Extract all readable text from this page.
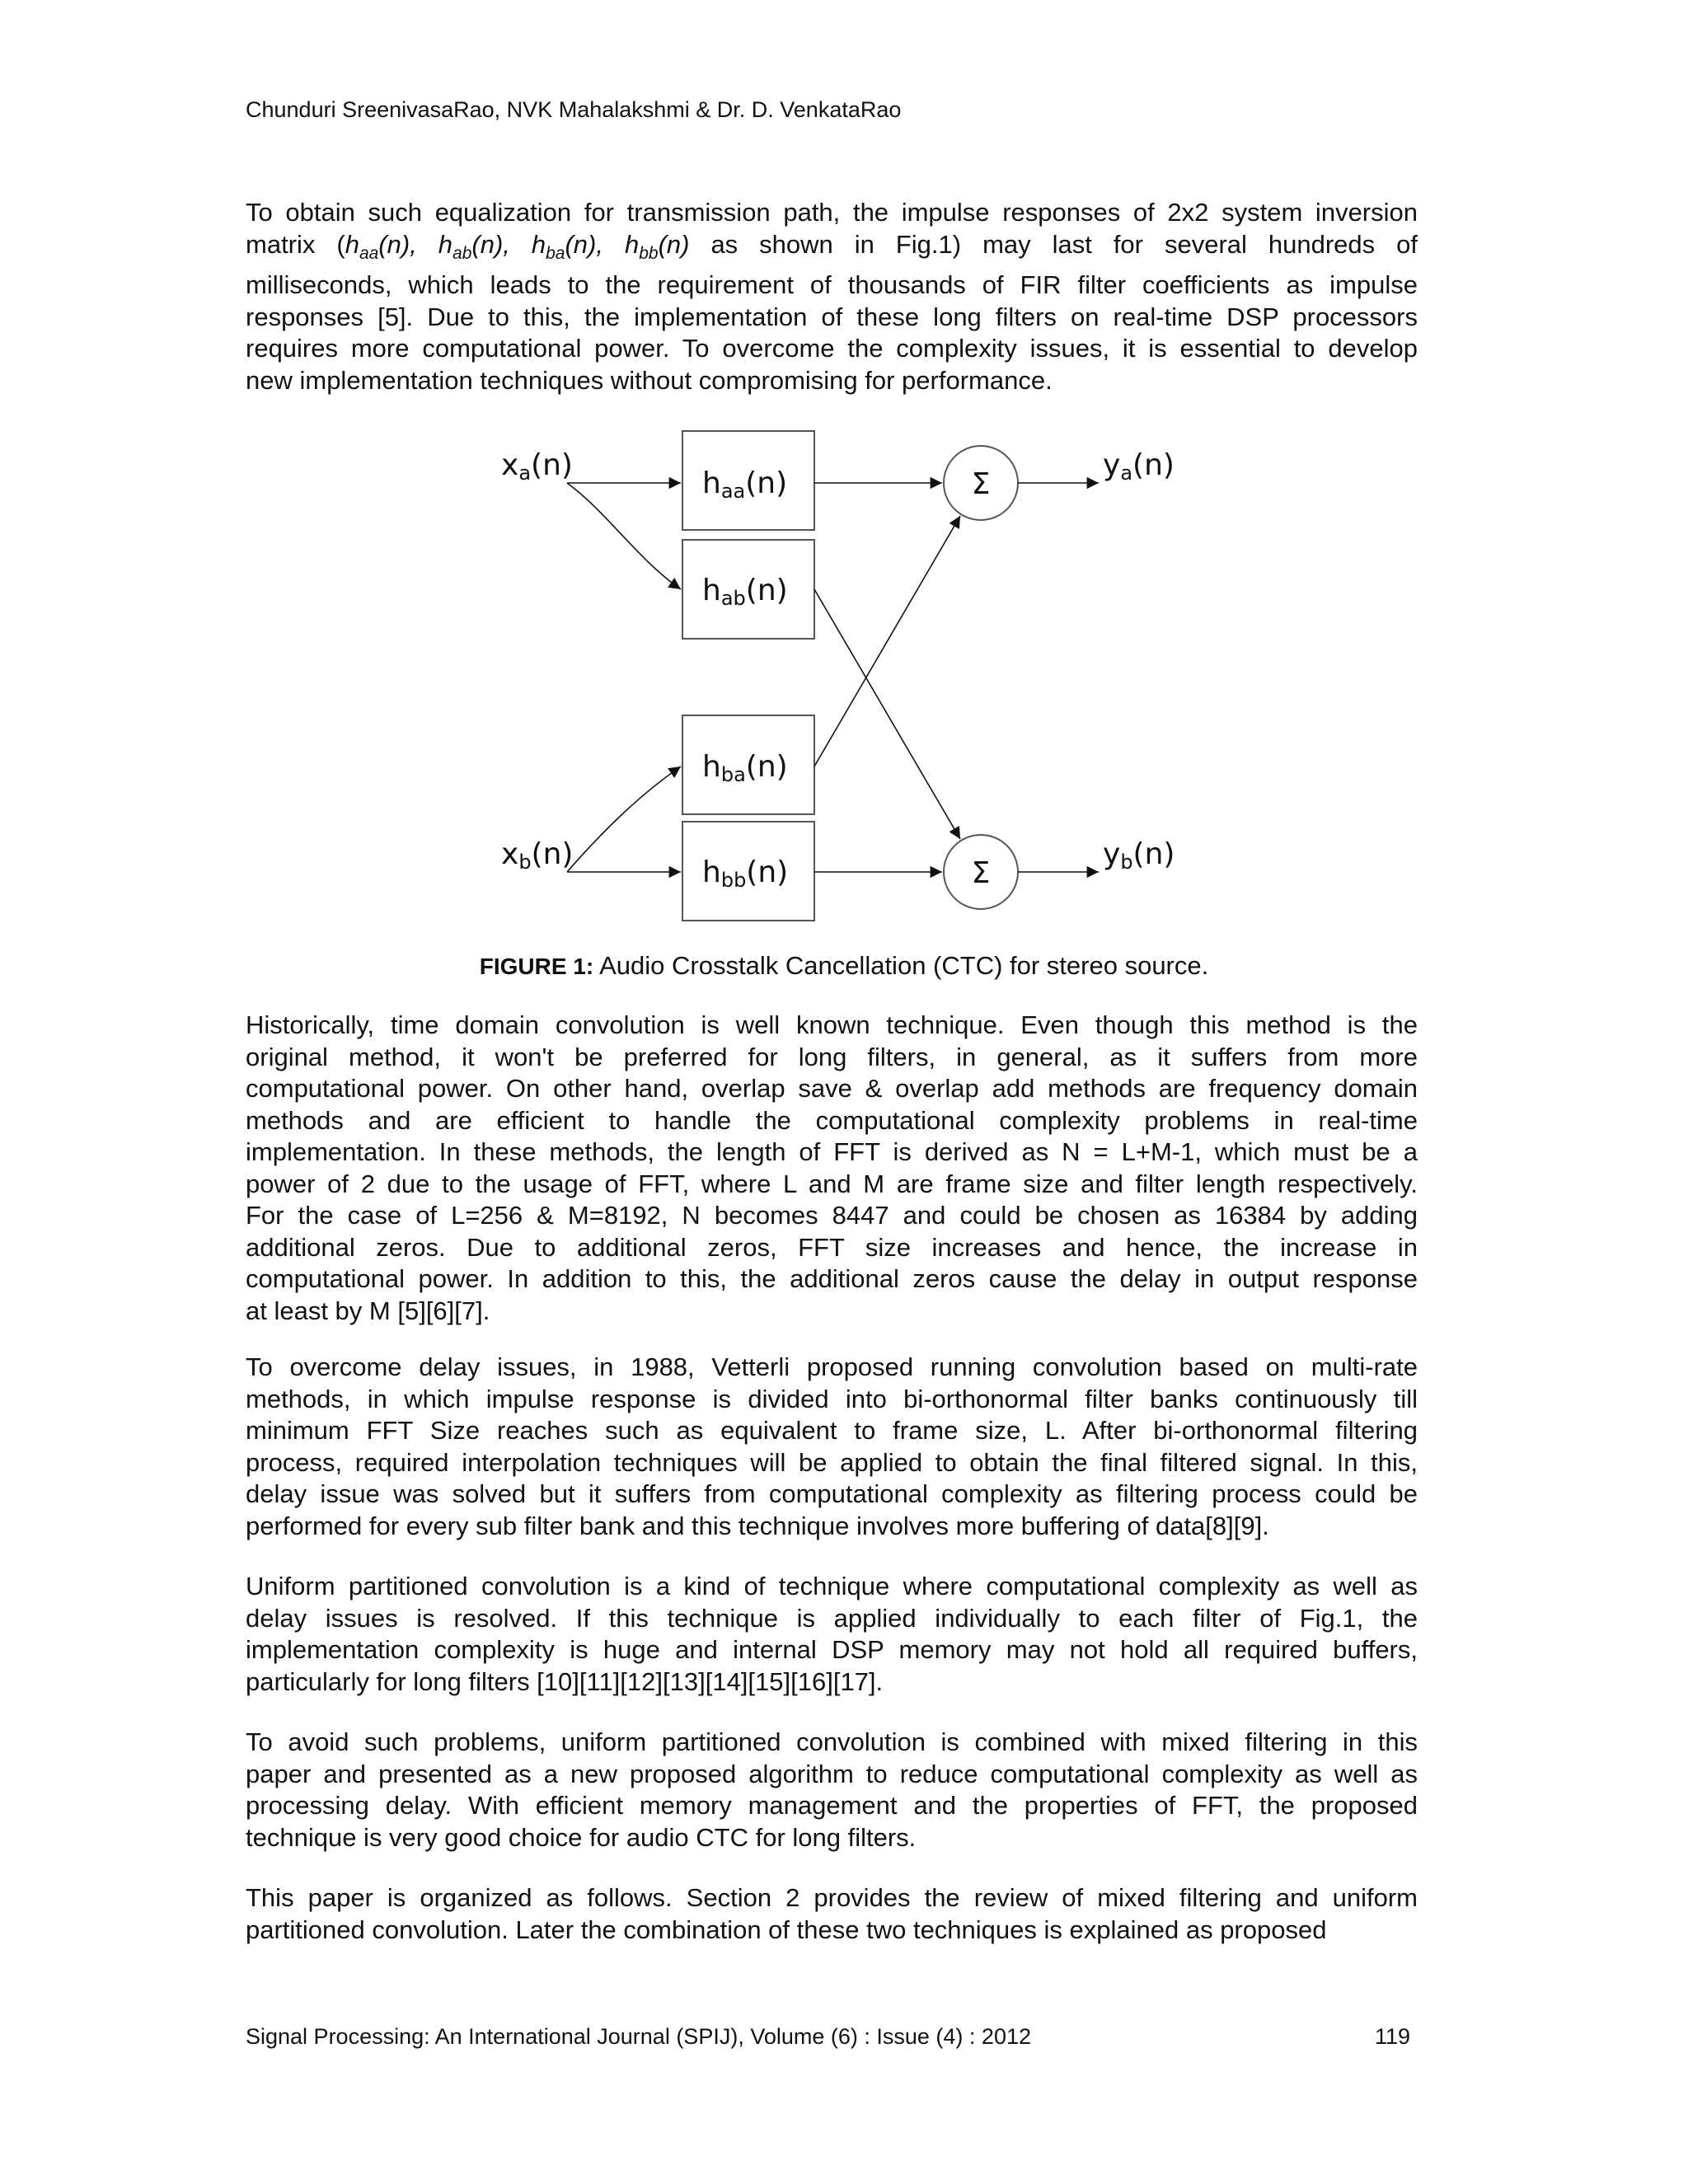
Chunduri SreenivasaRao, NVK Mahalakshmi & Dr. D. VenkataRao
To obtain such equalization for transmission path, the impulse responses of 2x2 system inversion
matrix ($h_{aa}(n)$, $h_{ab}(n)$, $h_{ba}(n)$, $h_{bb}(n)$ as shown in Fig.1) may last for several hundreds of
milliseconds, which leads to the requirement of thousands of FIR filter coefficients as impulse
responses [5]. Due to this, the implementation of these long filters on real-time DSP processors
requires more computational power. To overcome the complexity issues, it is essential to develop
new implementation techniques without compromising for performance.
xa(n)
xb(n)
ya(n)
yb(n)
haa(n)
hab(n)
hba(n)
hbb(n)
Σ
Σ
FIGURE 1: Audio Crosstalk Cancellation (CTC) for stereo source.
Historically, time domain convolution is well known technique. Even though this method is the
original method, it won't be preferred for long filters, in general, as it suffers from more
computational power. On other hand, overlap save & overlap add methods are frequency domain
methods and are efficient to handle the computational complexity problems in real-time
implementation. In these methods, the length of FFT is derived as N = L+M-1, which must be a
power of 2 due to the usage of FFT, where L and M are frame size and filter length respectively.
For the case of L=256 & M=8192, N becomes 8447 and could be chosen as 16384 by adding
additional zeros. Due to additional zeros, FFT size increases and hence, the increase in
computational power. In addition to this, the additional zeros cause the delay in output response
at least by M [5][6][7].
To overcome delay issues, in 1988, Vetterli proposed running convolution based on multi-rate
methods, in which impulse response is divided into bi-orthonormal filter banks continuously till
minimum FFT Size reaches such as equivalent to frame size, L. After bi-orthonormal filtering
process, required interpolation techniques will be applied to obtain the final filtered signal. In this,
delay issue was solved but it suffers from computational complexity as filtering process could be
performed for every sub filter bank and this technique involves more buffering of data[8][9].
Uniform partitioned convolution is a kind of technique where computational complexity as well as
delay issues is resolved. If this technique is applied individually to each filter of Fig.1, the
implementation complexity is huge and internal DSP memory may not hold all required buffers,
particularly for long filters [10][11][12][13][14][15][16][17].
To avoid such problems, uniform partitioned convolution is combined with mixed filtering in this
paper and presented as a new proposed algorithm to reduce computational complexity as well as
processing delay. With efficient memory management and the properties of FFT, the proposed
technique is very good choice for audio CTC for long filters.
This paper is organized as follows. Section 2 provides the review of mixed filtering and uniform
partitioned convolution. Later the combination of these two techniques is explained as proposed
Signal Processing: An International Journal (SPIJ), Volume (6) : Issue (4) : 2012	119
